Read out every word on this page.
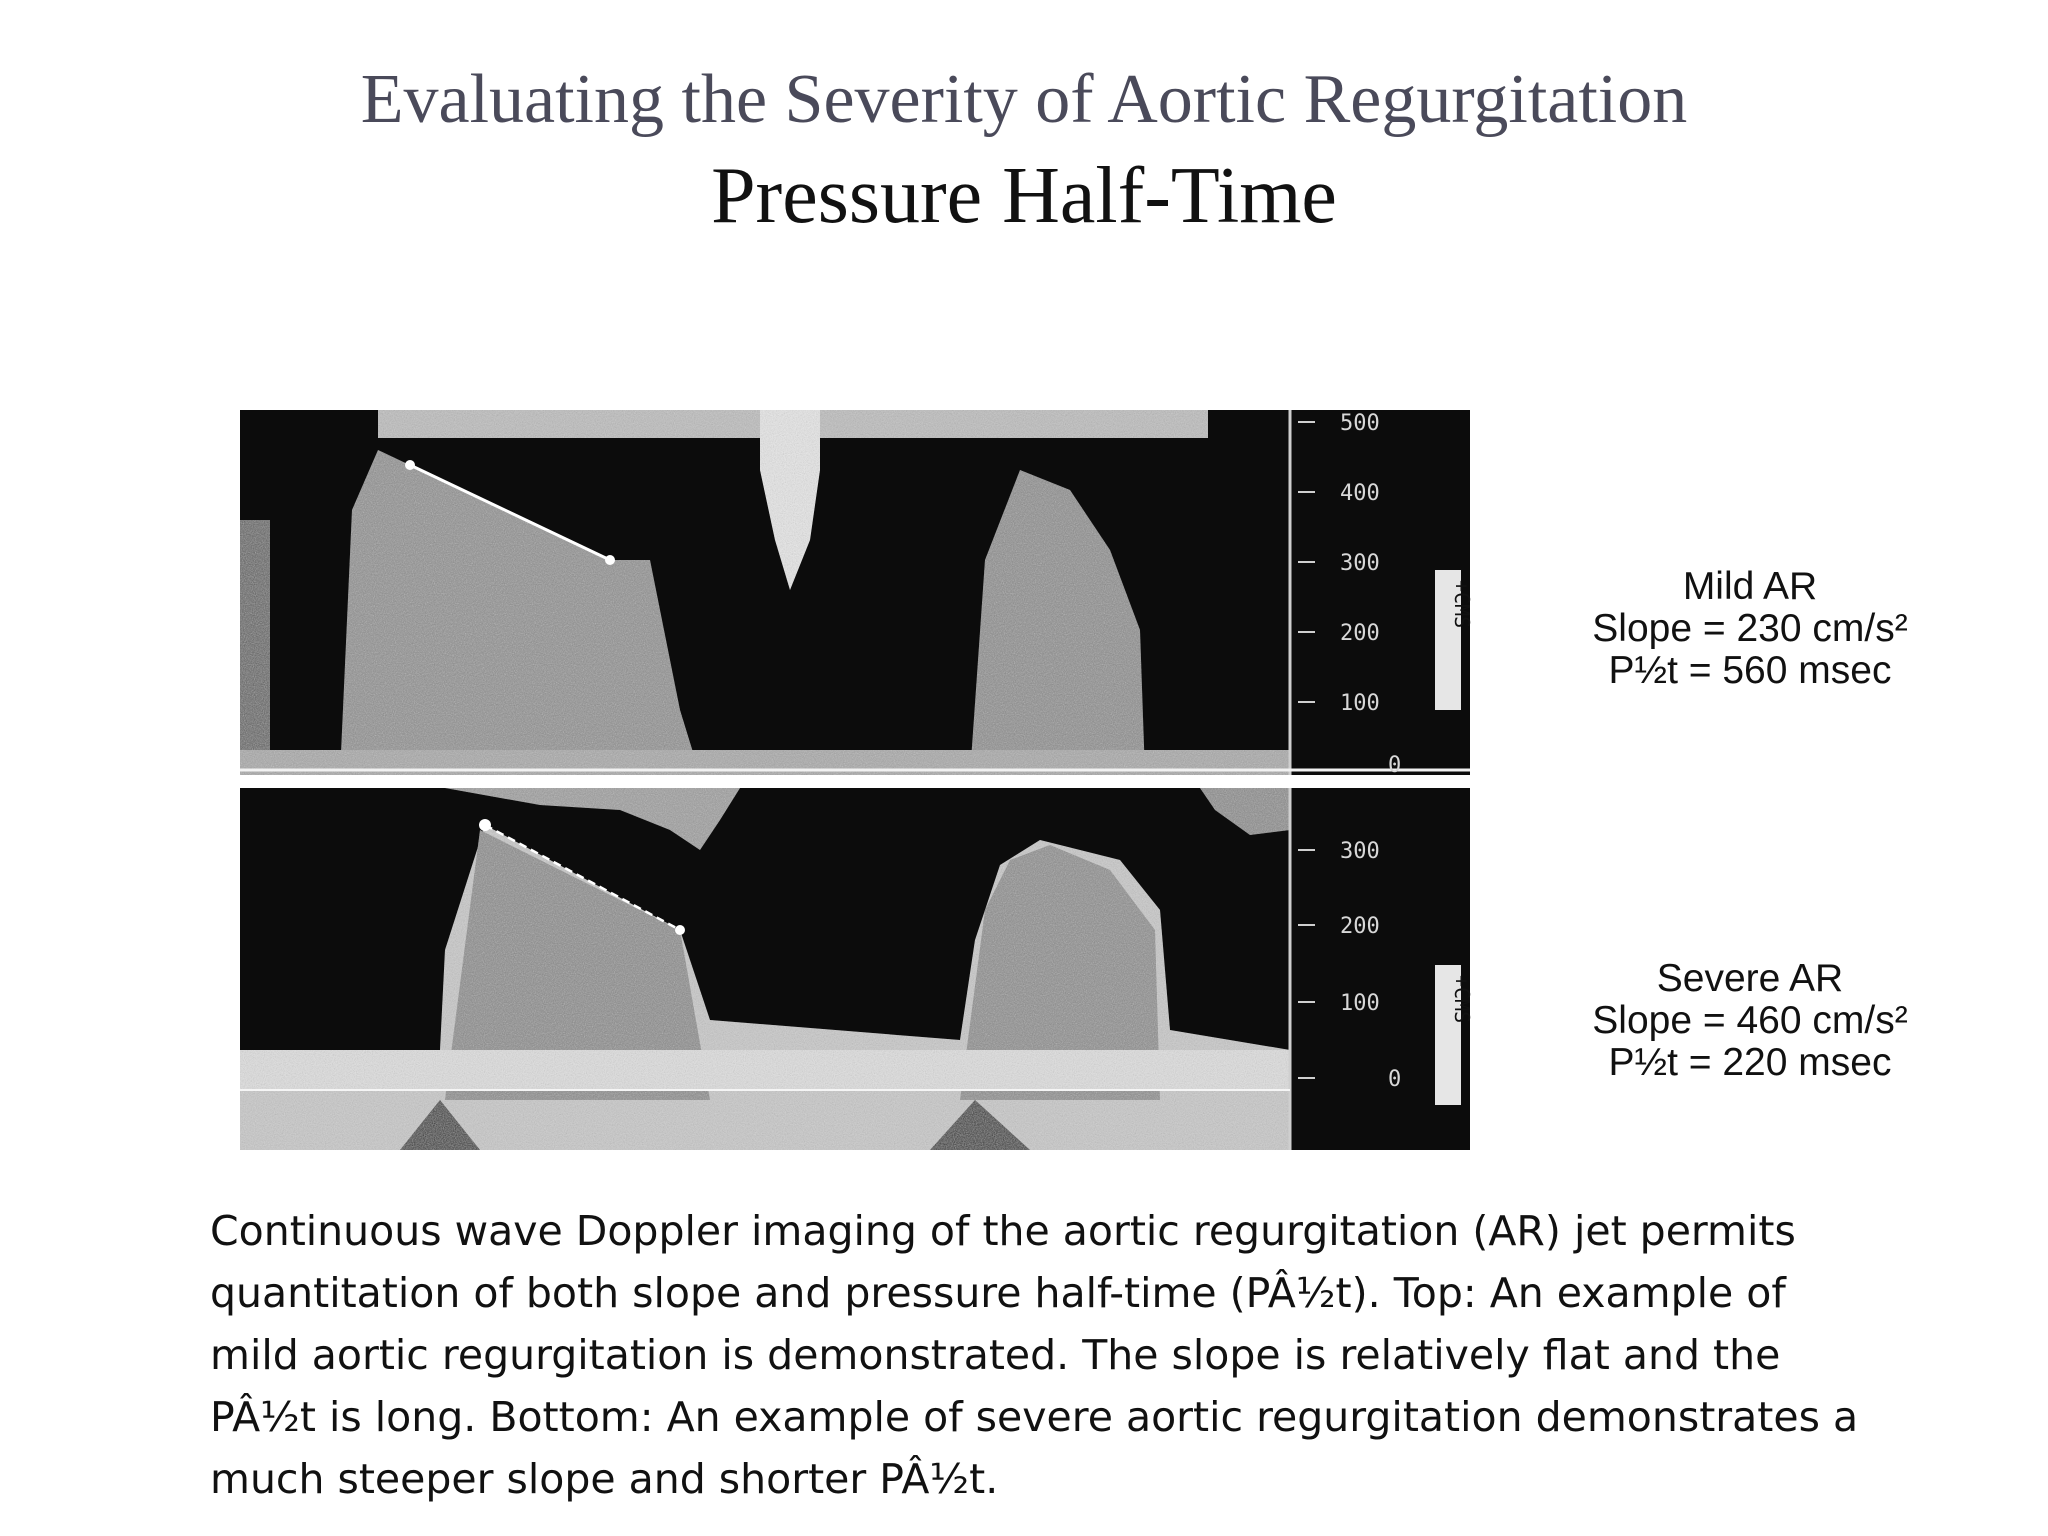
Evaluating the Severity of Aortic Regurgitation
Pressure Half-Time
500
400
300
200
100
0
+CMS
300
200
100
0
+CMS
Mild AR
Slope = 230 cm/s²
P½t = 560 msec
Severe AR
Slope = 460 cm/s²
P½t = 220 msec
Continuous wave Doppler imaging of the aortic regurgitation (AR) jet permits
quantitation of both slope and pressure half-time (PÂ½t). Top: An example of
mild aortic regurgitation is demonstrated. The slope is relatively flat and the
PÂ½t is long. Bottom: An example of severe aortic regurgitation demonstrates a
much steeper slope and shorter PÂ½t.
